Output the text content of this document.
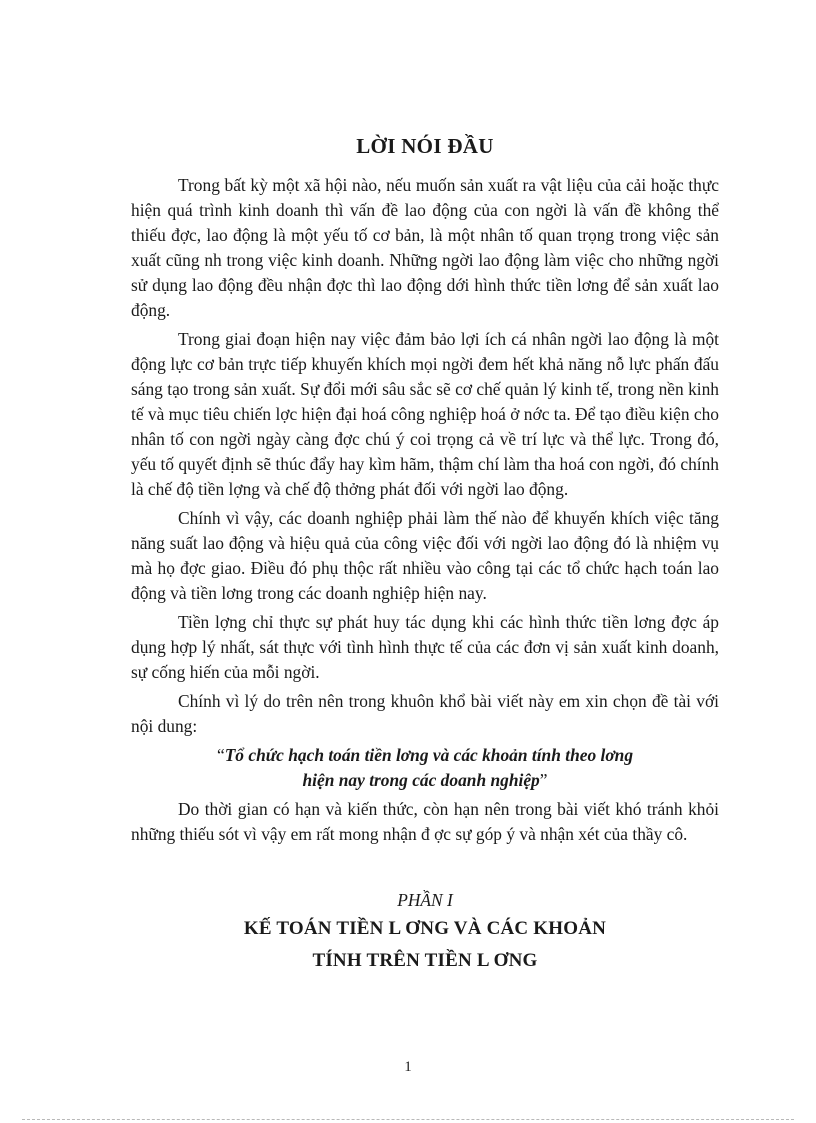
LỜI NÓI ĐẦU

Trong bất kỳ một xã hội nào, nếu muốn sản xuất ra vật liệu của cải hoặc thực hiện quá trình kinh doanh thì vấn đề lao động của con ngời là vấn đề không thể thiếu đợc, lao động là một yếu tố cơ bản, là một nhân tố quan trọng trong việc sản xuất cũng nh trong việc kinh doanh. Những ngời lao động làm việc cho những ngời sử dụng lao động đều nhận đợc thì lao động dới hình thức tiền lơng để sản xuất lao động.

Trong giai đoạn hiện nay việc đảm bảo lợi ích cá nhân ngời lao động là một động lực cơ bản trực tiếp khuyến khích mọi ngời đem hết khả năng nỗ lực phấn đấu sáng tạo trong sản xuất. Sự đổi mới sâu sắc sẽ cơ chế quản lý kinh tế, trong nền kinh tế và mục tiêu chiến lợc hiện đại hoá công nghiệp hoá ở nớc ta. Để tạo điều kiện cho nhân tố con ngời ngày càng đợc chú ý coi trọng cả về trí lực và thể lực. Trong đó, yếu tố quyết định sẽ thúc đẩy hay kìm hãm, thậm chí làm tha hoá con ngời, đó chính là chế độ tiền lợng và chế độ thởng phát đối với ngời lao động.

Chính vì vậy, các doanh nghiệp phải làm thế nào để khuyến khích việc tăng năng suất lao động và hiệu quả của công việc đối với ngời lao động đó là nhiệm vụ mà họ đợc giao. Điều đó phụ thộc rất nhiều vào công tại các tổ chức hạch toán lao động và tiền lơng trong các doanh nghiệp hiện nay.

Tiền lợng chỉ thực sự phát huy tác dụng khi các hình thức tiền lơng đợc áp dụng hợp lý nhất, sát thực với tình hình thực tế của các đơn vị sản xuất kinh doanh, sự cống hiến của mỗi ngời.

Chính vì lý do trên nên trong khuôn khổ bài viết này em xin chọn đề tài với nội dung:

“Tổ chức hạch toán tiền lơng và các khoản tính theo lơng
hiện nay trong các doanh nghiệp”

Do thời gian có hạn và kiến thức, còn hạn nên trong bài viết khó tránh khỏi những thiếu sót vì vậy em rất mong nhận đ ợc sự góp ý và nhận xét của thầy cô.

PHẦN I
KẾ TOÁN TIỀN L ƠNG VÀ CÁC KHOẢN
TÍNH TRÊN TIỀN L ƠNG
1
